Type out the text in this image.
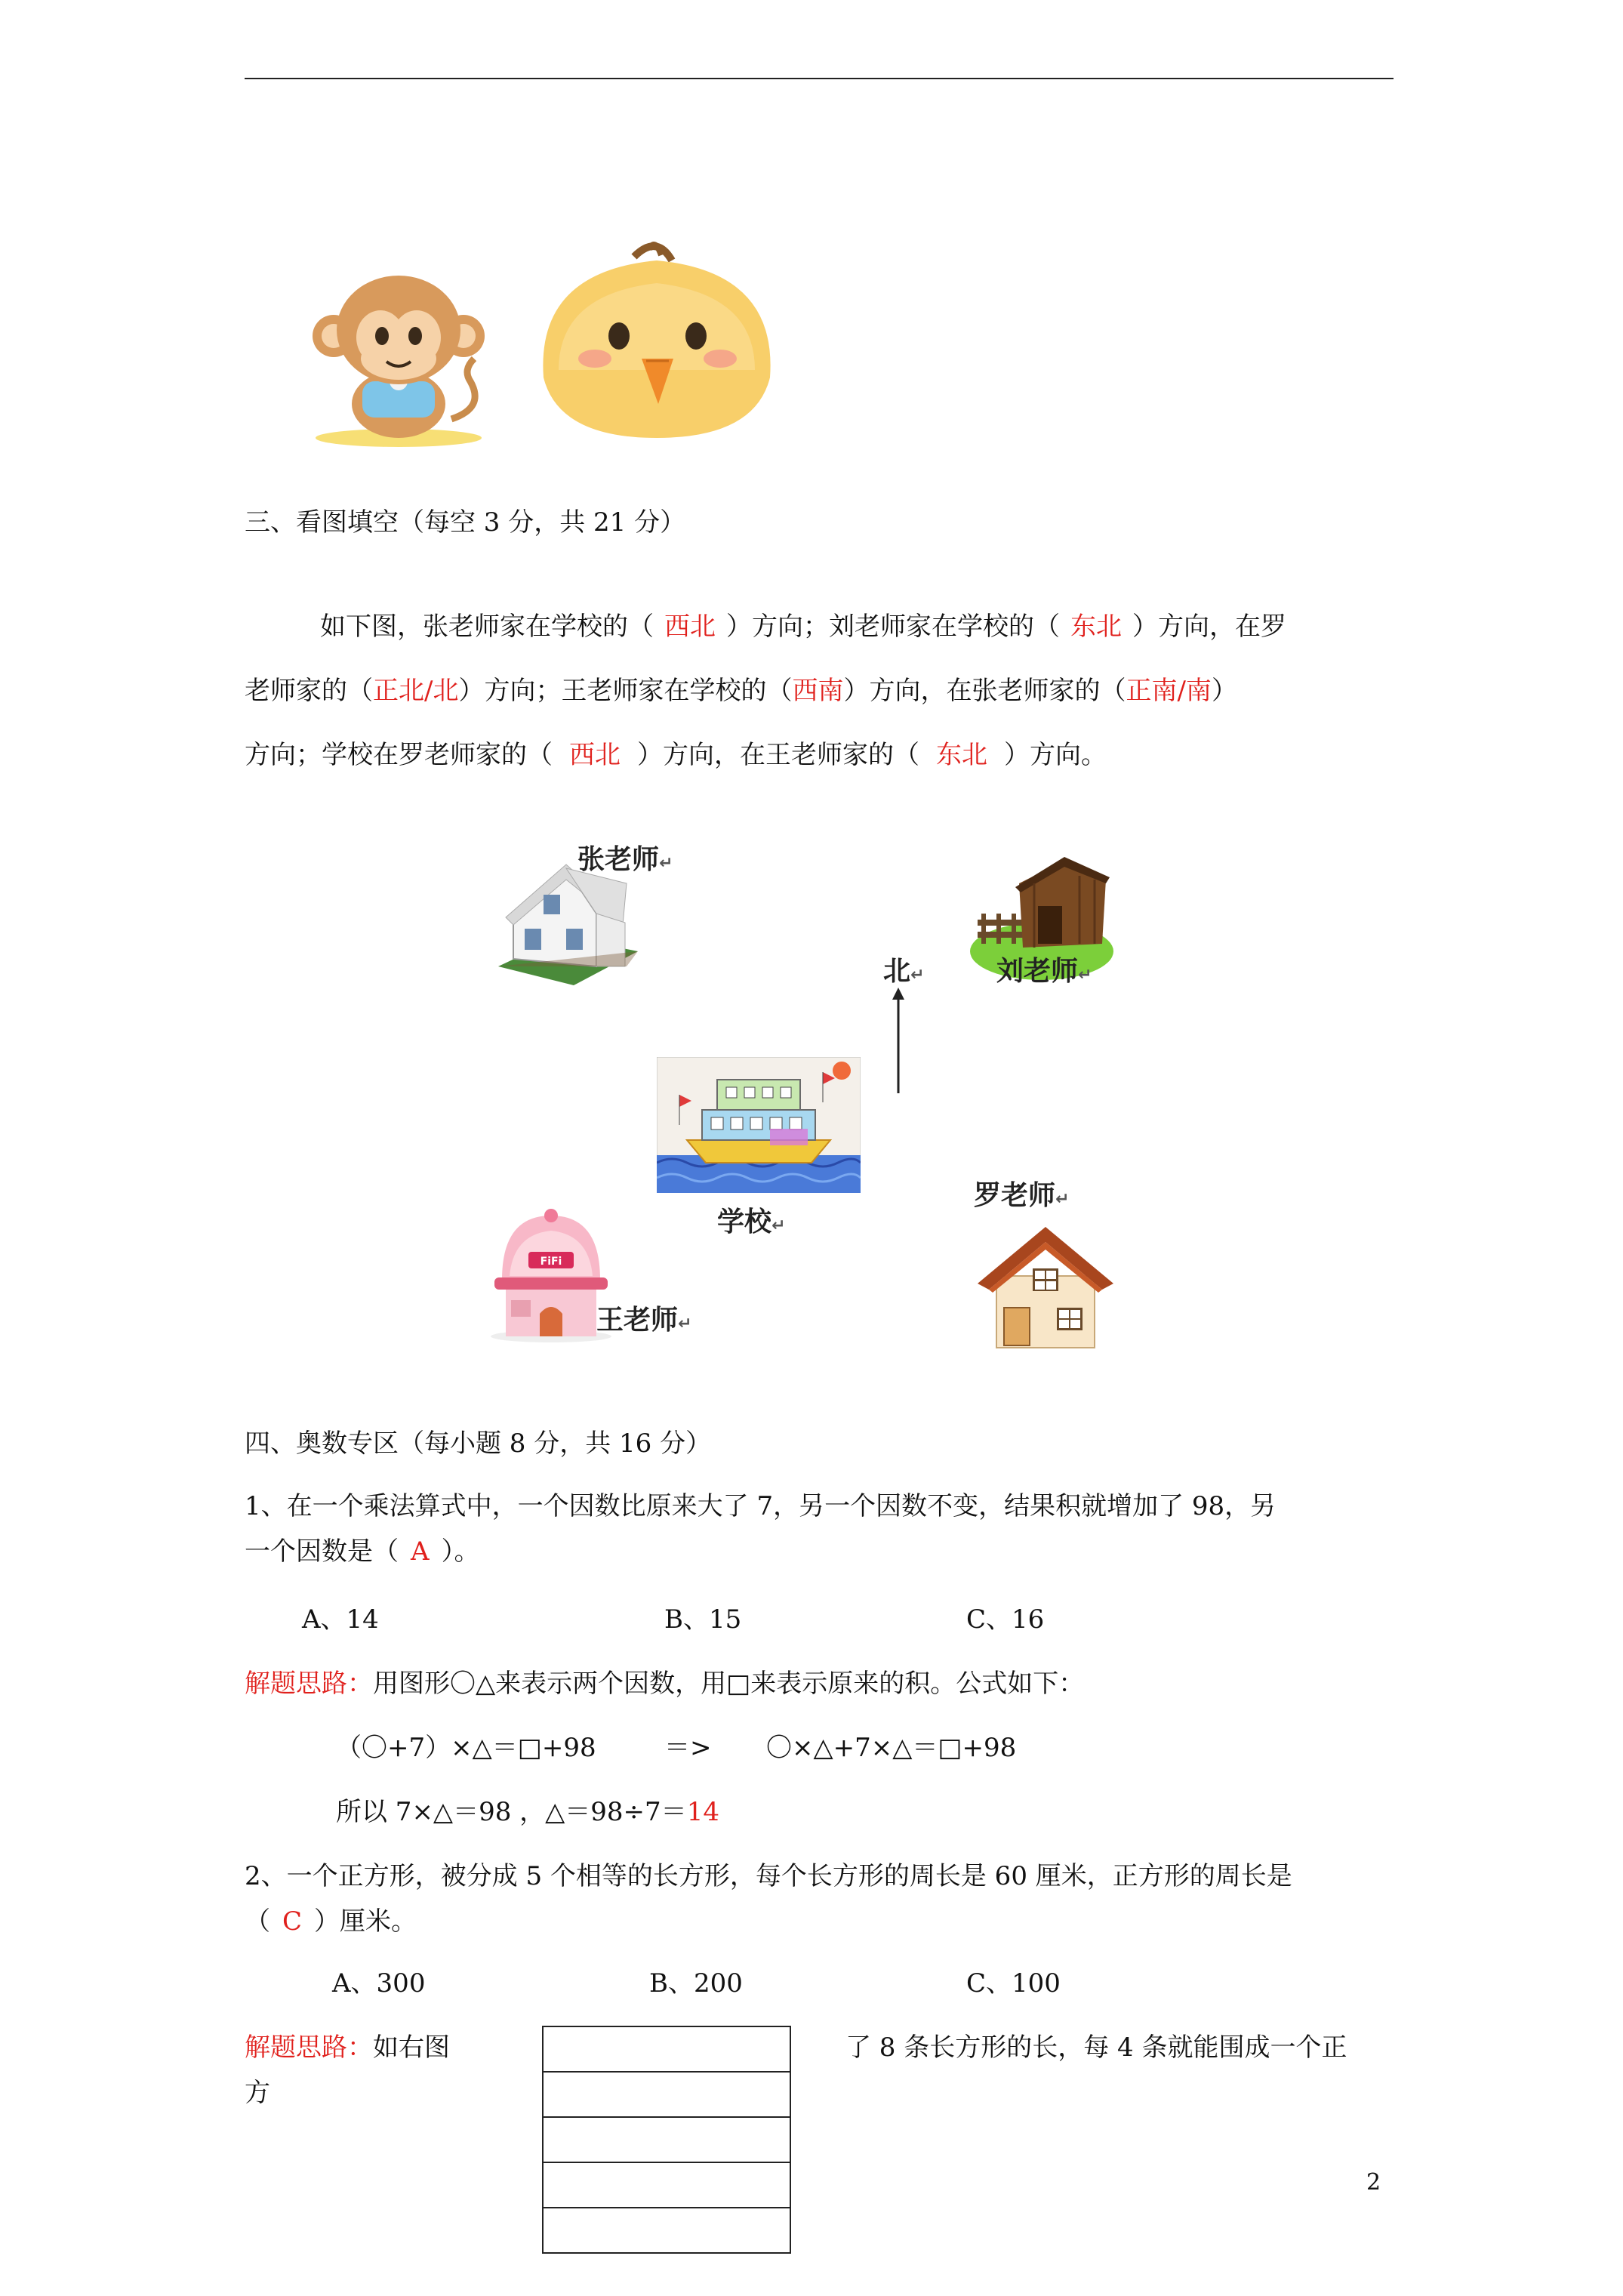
三、看图填空（每空 3 分，共 21 分）
如下图，张老师家在学校的（ 西北 ）方向；刘老师家在学校的（ 东北 ）方向，在罗
老师家的（正北/北）方向；王老师家在学校的（西南）方向，在张老师家的（正南/南）
方向；学校在罗老师家的（ 西北 ）方向，在王老师家的（ 东北 ）方向。
张老师↵
刘老师↵
北↵
学校↵
罗老师↵
FiFi
王老师↵
四、奥数专区（每小题 8 分，共 16 分）
1、在一个乘法算式中，一个因数比原来大了 7，另一个因数不变，结果积就增加了 98，另
一个因数是（ A ）。
A、14	B、15	C、16
解题思路：用图形〇△来表示两个因数，用□来表示原来的积。公式如下：
（〇+7）×△＝□+98	＝> 〇×△+7×△＝□+98
所以 7×△＝98 ，△＝98÷7＝14
2、一个正方形，被分成 5 个相等的长方形，每个长方形的周长是 60 厘米，正方形的周长是
（ C ）厘米。
A、300	B、200	C、100
解题思路：如右图
方
了 8 条长方形的长，每 4 条就能围成一个正
2
